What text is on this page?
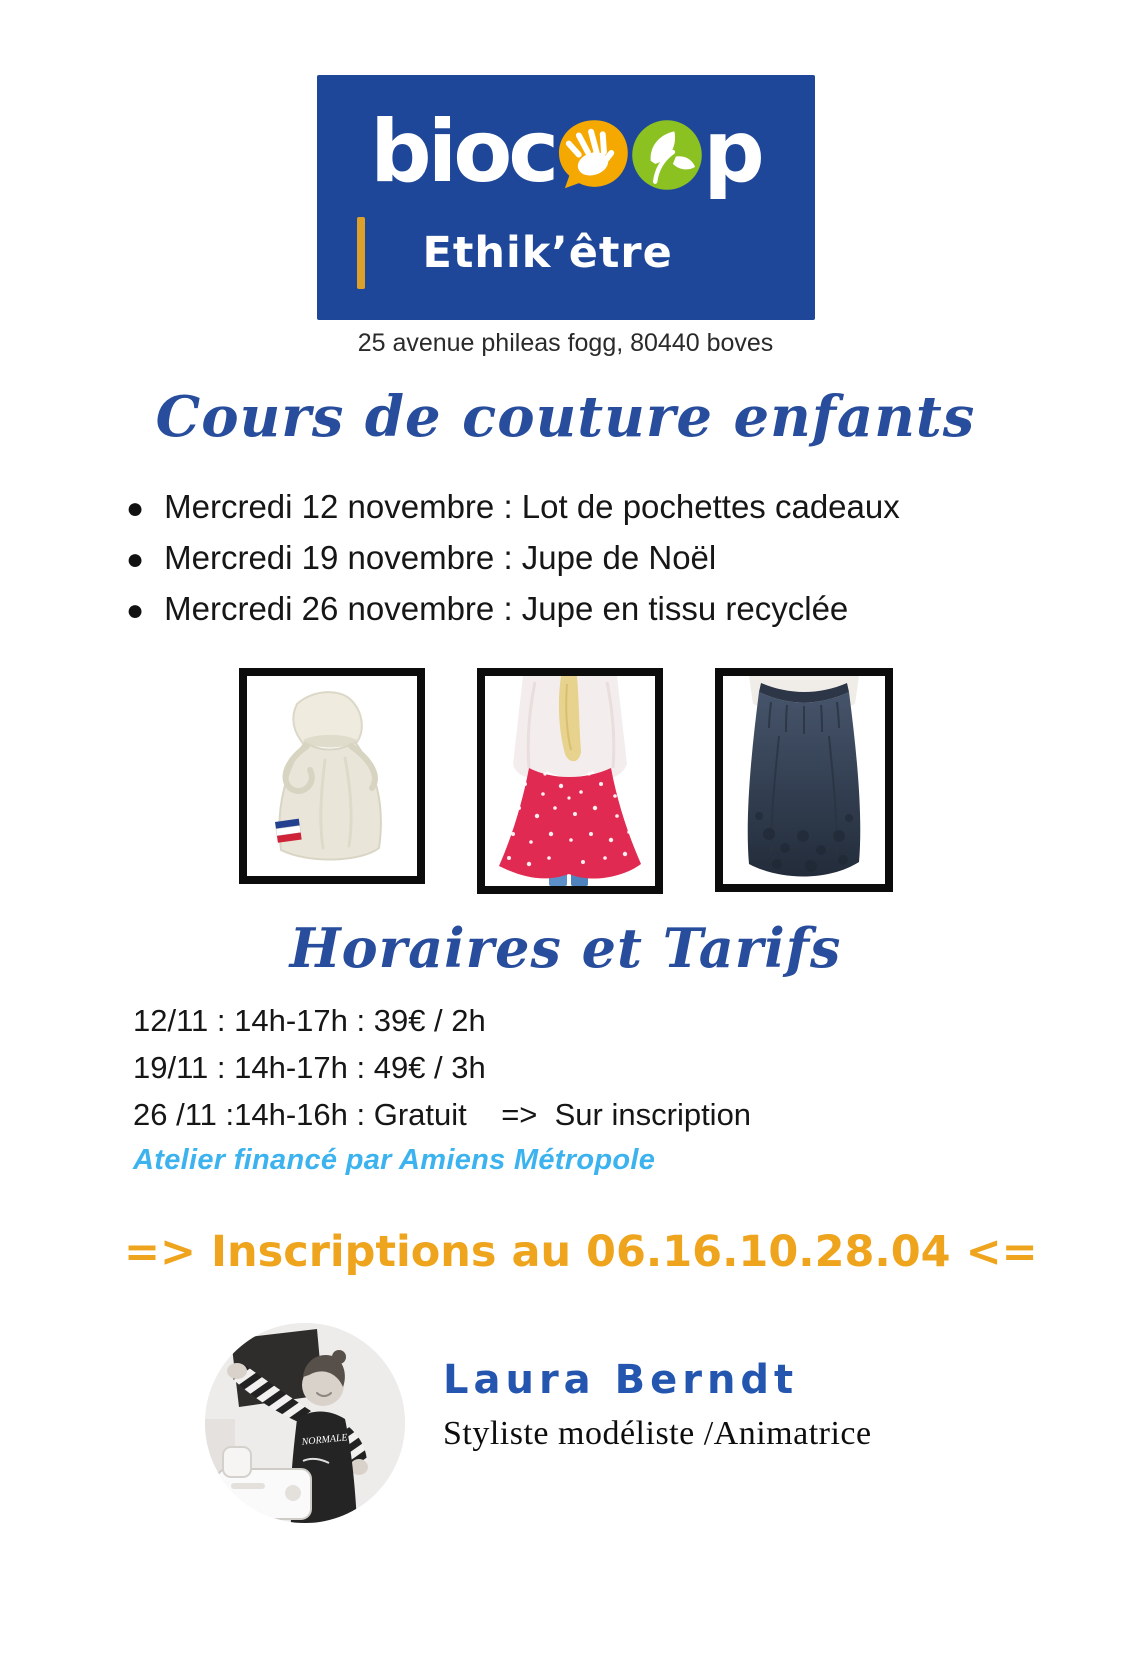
bioc p
Ethik’être
25 avenue phileas fogg, 80440 boves
Cours de couture enfants
● Mercredi 12 novembre : Lot de pochettes cadeaux
● Mercredi 19 novembre : Jupe de Noël
● Mercredi 26 novembre : Jupe en tissu recyclée
Horaires et Tarifs

12/11 : 14h-17h : 39€ / 2h

19/11 : 14h-17h : 49€ / 3h

26 /11 :14h-16h : Gratuit    =>  Sur inscription

Atelier financé par Amiens Métropole
=> Inscriptions au 06.16.10.28.04 <=
NORMALE
Laura Berndt
Styliste modéliste /Animatrice
